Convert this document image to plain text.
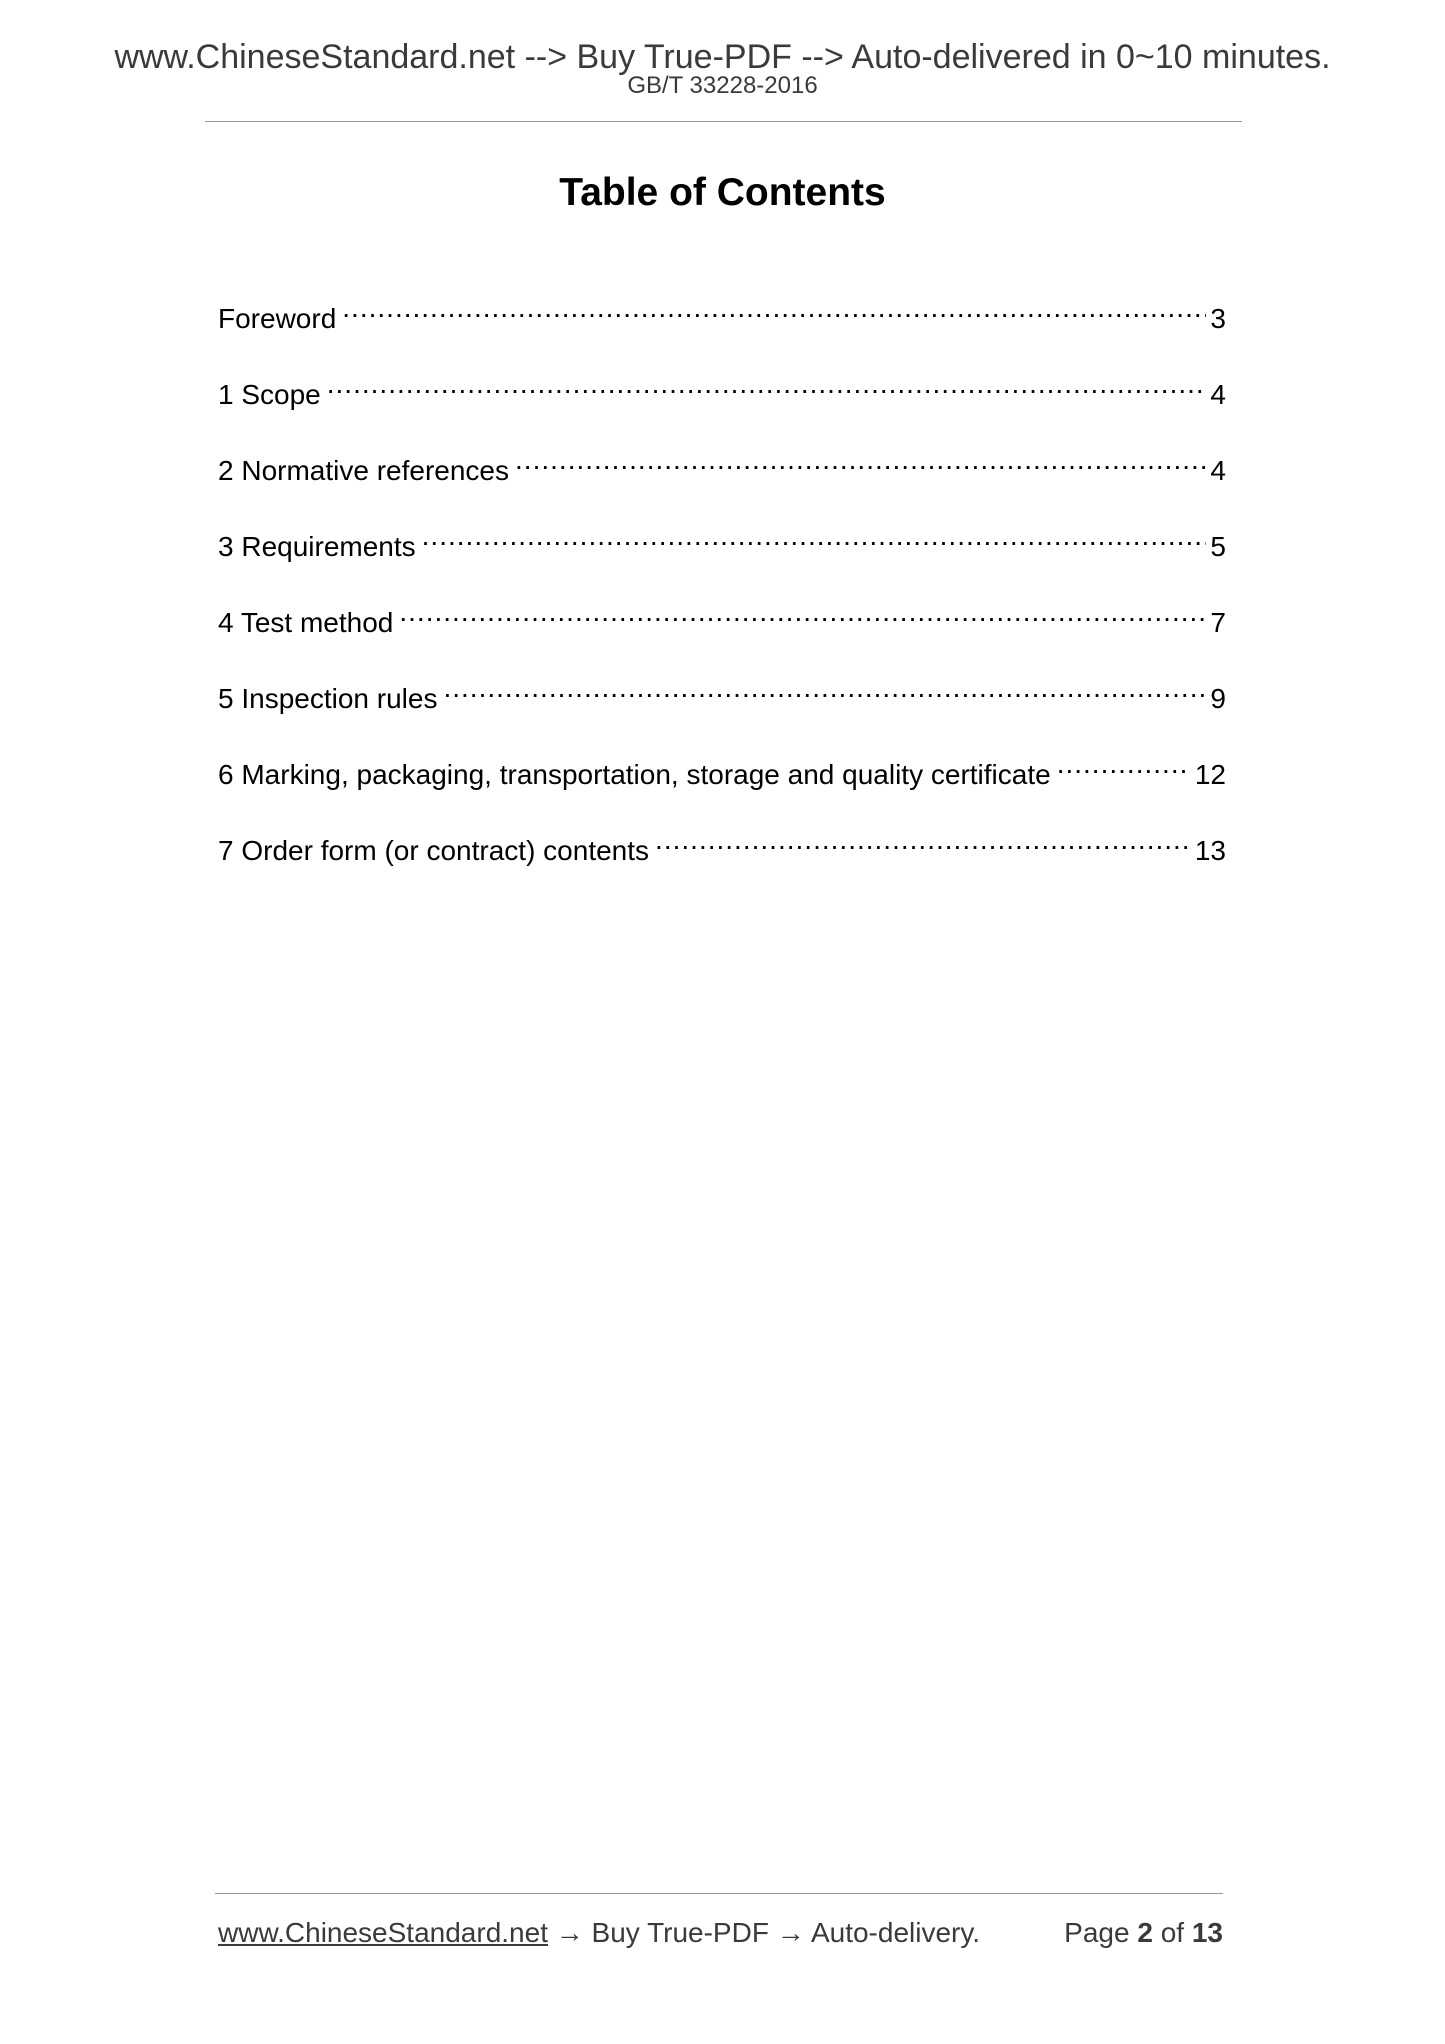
www.ChineseStandard.net --> Buy True-PDF --> Auto-delivered in 0~10 minutes.
GB/T 33228-2016
Table of Contents
Foreword .....	3
1 Scope .....	4
2 Normative references .....	4
3 Requirements .....	5
4 Test method .....	7
5 Inspection rules .....	9
6 Marking, packaging, transportation, storage and quality certificate .....	12
7 Order form (or contract) contents .....	13
www.ChineseStandard.net → Buy True-PDF → Auto-delivery.	Page 2 of 13
